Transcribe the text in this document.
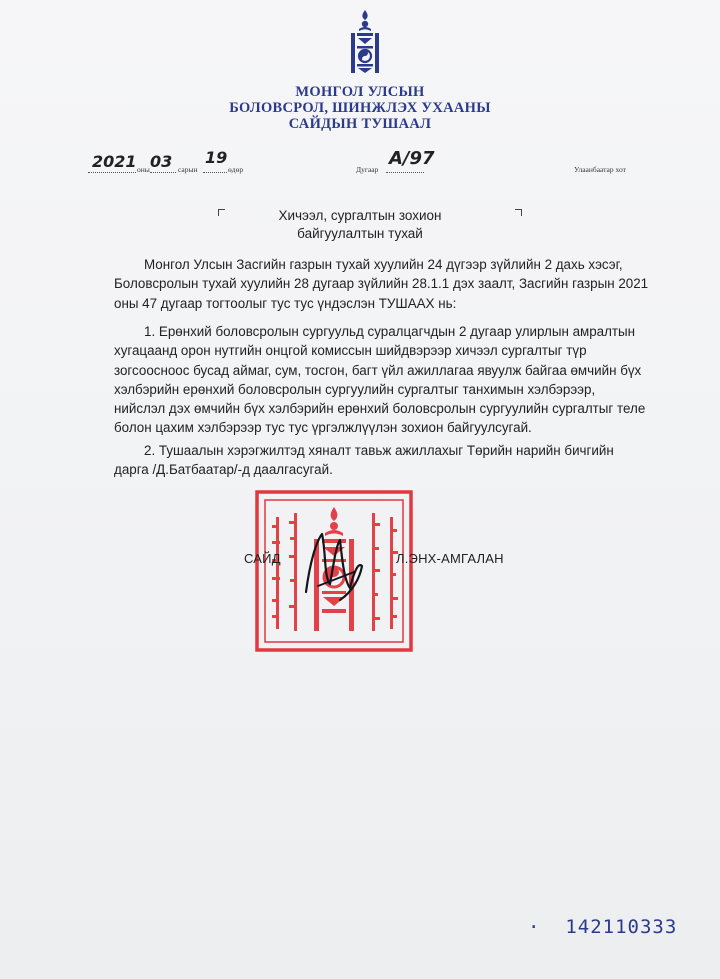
МОНГОЛ УЛСЫН
БОЛОВСРОЛ, ШИНЖЛЭХ УХААНЫ
САЙДЫН ТУШААЛ
2021 оны 03 сарын
19
өдөр	Дугаар
А/97
Улаанбаатар хот
Хичээл, сургалтын зохион
байгуулалтын тухай
Монгол Улсын Засгийн газрын тухай хуулийн 24 дүгээр зүйлийн 2 дахь хэсэг,
Боловсролын тухай хуулийн 28 дугаар зүйлийн 28.1.1 дэх заалт, Засгийн газрын 2021
оны 47 дугаар тогтоолыг тус тус үндэслэн ТУШААХ нь:
1. Ерөнхий боловсролын сургуульд суралцагчдын 2 дугаар улирлын амралтын
хугацаанд орон нутгийн онцгой комиссын шийдвэрээр хичээл сургалтыг түр
зогсоосноос бусад аймаг, сум, тосгон, багт үйл ажиллагаа явуулж байгаа өмчийн бүх
хэлбэрийн ерөнхий боловсролын сургуулийн сургалтыг танхимын хэлбэрээр,
нийслэл дэх өмчийн бүх хэлбэрийн ерөнхий боловсролын сургуулийн сургалтыг теле
болон цахим хэлбэрээр тус тус үргэлжлүүлэн зохион байгуулсугай.
2. Тушаалын хэрэгжилтэд хяналт тавьж ажиллахыг Төрийн нарийн бичгийн
дарга /Д.Батбаатар/-д даалгасугай.
САЙД	Л.ЭНХ-АМГАЛАН
·  142110333
